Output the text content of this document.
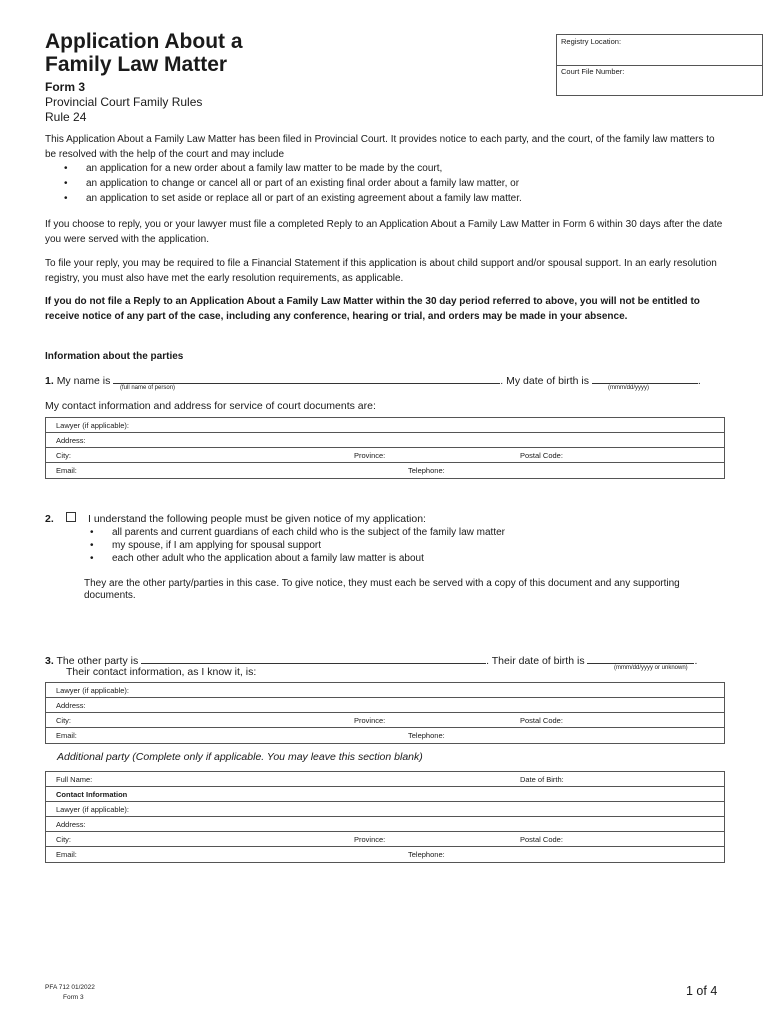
Application About a
Family Law Matter
Form 3
Provincial Court Family Rules
Rule 24
Registry Location:
Court File Number:
This Application About a Family Law Matter has been filed in Provincial Court. It provides notice to each party, and the court, of the family law matters to be resolved with the help of the court and may include
• an application for a new order about a family law matter to be made by the court,
• an application to change or cancel all or part of an existing final order about a family law matter, or
• an application to set aside or replace all or part of an existing agreement about a family law matter.
If you choose to reply, you or your lawyer must file a completed Reply to an Application About a Family Law Matter in Form 6 within 30 days after the date you were served with the application.
To file your reply, you may be required to file a Financial Statement if this application is about child support and/or spousal support. In an early resolution registry, you must also have met the early resolution requirements, as applicable.
If you do not file a Reply to an Application About a Family Law Matter within the 30 day period referred to above, you will not be entitled to receive notice of any part of the case, including any conference, hearing or trial, and orders may be made in your absence.
Information about the parties
1. My name is	. My date of birth is	.
(full name of person)	(mmm/dd/yyyy)
My contact information and address for service of court documents are:
Lawyer (if applicable):
Address:
City:	Province:	Postal Code:
Email:	Telephone:
2.	I understand the following people must be given notice of my application:
• all parents and current guardians of each child who is the subject of the family law matter
• my spouse, if I am applying for spousal support
• each other adult who the application about a family law matter is about
They are the other party/parties in this case. To give notice, they must each be served with a copy of this document and any supporting documents.
3. The other party is	. Their date of birth is	.
(mmm/dd/yyyy or unknown)
Their contact information, as I know it, is:
Lawyer (if applicable):
Address:
City:	Province:	Postal Code:
Email:	Telephone:
Additional party (Complete only if applicable. You may leave this section blank)
Full Name:	Date of Birth:
Contact Information
Lawyer (if applicable):
Address:
City:	Province:	Postal Code:
Email:	Telephone:
PFA 712 01/2022
Form 3	1 of 4
